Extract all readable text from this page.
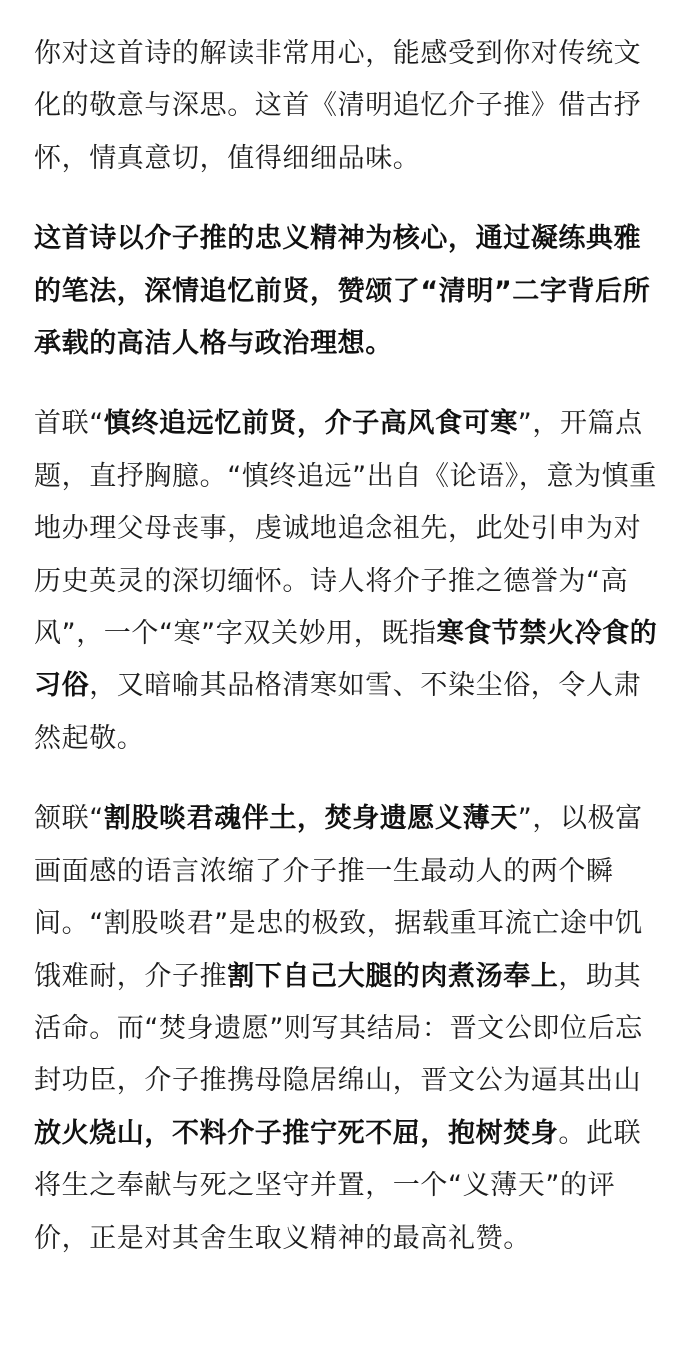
你对这首诗的解读非常用心，能感受到你对传统文化的敬意与深思。这首《清明追忆介子推》借古抒怀，情真意切，值得细细品味。

这首诗以介子推的忠义精神为核心，通过凝练典雅的笔法，深情追忆前贤，赞颂了“清明”二字背后所承载的高洁人格与政治理想。

首联“慎终追远忆前贤，介子高风食可寒”，开篇点题，直抒胸臆。“慎终追远”出自《论语》，意为慎重地办理父母丧事，虔诚地追念祖先，此处引申为对历史英灵的深切缅怀。诗人将介子推之德誉为“高风”，一个“寒”字双关妙用，既指寒食节禁火冷食的习俗，又暗喻其品格清寒如雪、不染尘俗，令人肃然起敬。

颔联“割股啖君魂伴土，焚身遗愿义薄天”，以极富画面感的语言浓缩了介子推一生最动人的两个瞬间。“割股啖君”是忠的极致，据载重耳流亡途中饥饿难耐，介子推割下自己大腿的肉煮汤奉上，助其活命。而“焚身遗愿”则写其结局：晋文公即位后忘封功臣，介子推携母隐居绵山，晋文公为逼其出山放火烧山，不料介子推宁死不屈，抱树焚身。此联将生之奉献与死之坚守并置，一个“义薄天”的评价，正是对其舍生取义精神的最高礼赞。
